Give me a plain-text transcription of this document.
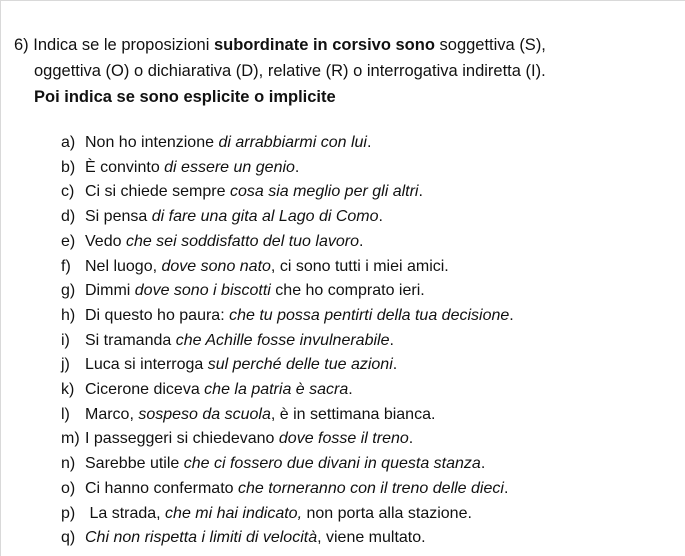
6) Indica se le proposizioni subordinate in corsivo sono soggettiva (S),
oggettiva (O) o dichiarativa (D), relative (R) o interrogativa indiretta (I).
Poi indica se sono esplicite o implicite
a) Non ho intenzione di arrabbiarmi con lui.
b) È convinto di essere un genio.
c) Ci si chiede sempre cosa sia meglio per gli altri.
d) Si pensa di fare una gita al Lago di Como.
e) Vedo che sei soddisfatto del tuo lavoro.
f) Nel luogo, dove sono nato, ci sono tutti i miei amici.
g) Dimmi dove sono i biscotti che ho comprato ieri.
h) Di questo ho paura: che tu possa pentirti della tua decisione.
i) Si tramanda che Achille fosse invulnerabile.
j) Luca si interroga sul perché delle tue azioni.
k) Cicerone diceva che la patria è sacra.
l) Marco, sospeso da scuola, è in settimana bianca.
m) I passeggeri si chiedevano dove fosse il treno.
n) Sarebbe utile che ci fossero due divani in questa stanza.
o) Ci hanno confermato che torneranno con il treno delle dieci.
p) La strada, che mi hai indicato, non porta alla stazione.
q) Chi non rispetta i limiti di velocità, viene multato.
